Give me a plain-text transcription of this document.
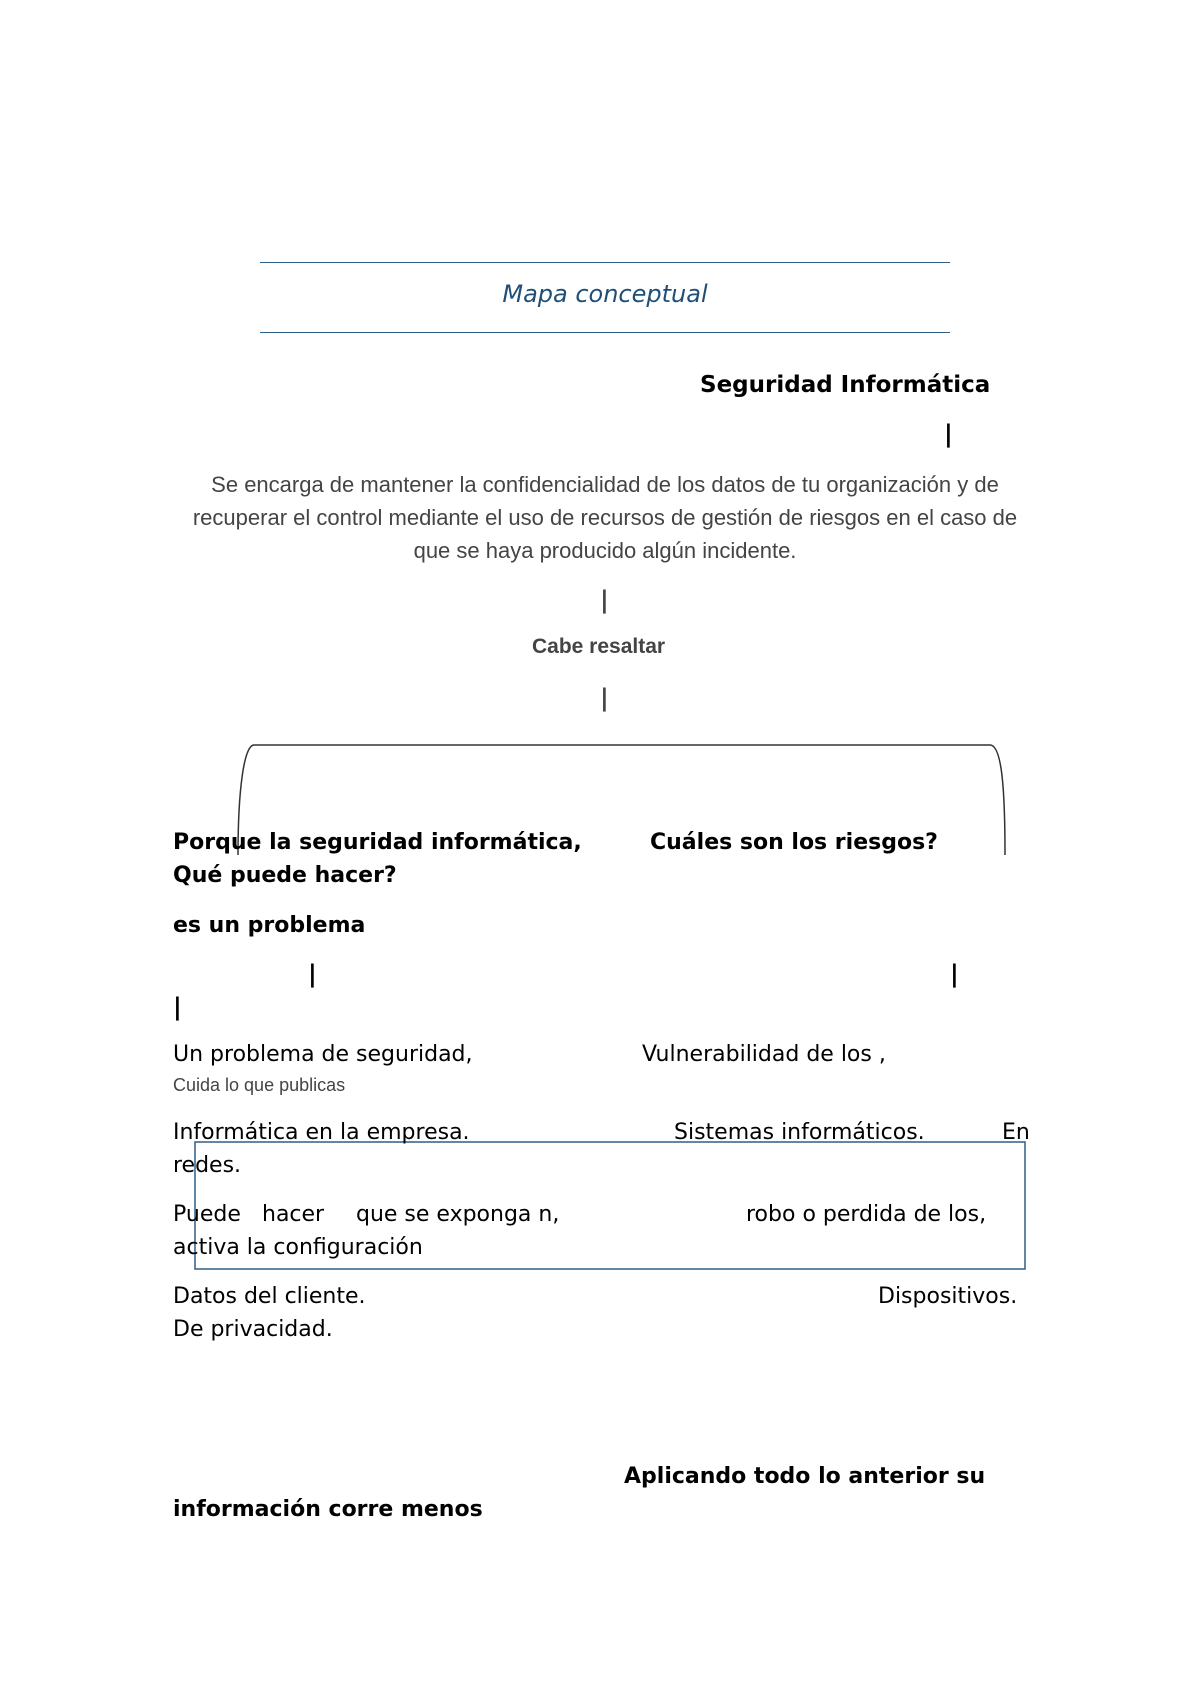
Mapa conceptual
Seguridad Informática
|
Se encarga de mantener la confidencialidad de los datos de tu organización y de recuperar el control mediante el uso de recursos de gestión de riesgos en el caso de que se haya producido algún incidente.
|
Cabe resaltar
|
Porque la seguridad informática,	Cuáles son los riesgos?
Qué puede hacer?
es un problema
|	|
|
Un problema de seguridad,	Vulnerabilidad de los ,
Cuida lo que publicas
Informática en la empresa.	Sistemas informáticos.	En
redes.
Puede hacer que se exponga n,	robo o perdida de los,
activa la configuración
Datos del cliente.	Dispositivos.
De privacidad.
Aplicando todo lo anterior su
información corre menos
